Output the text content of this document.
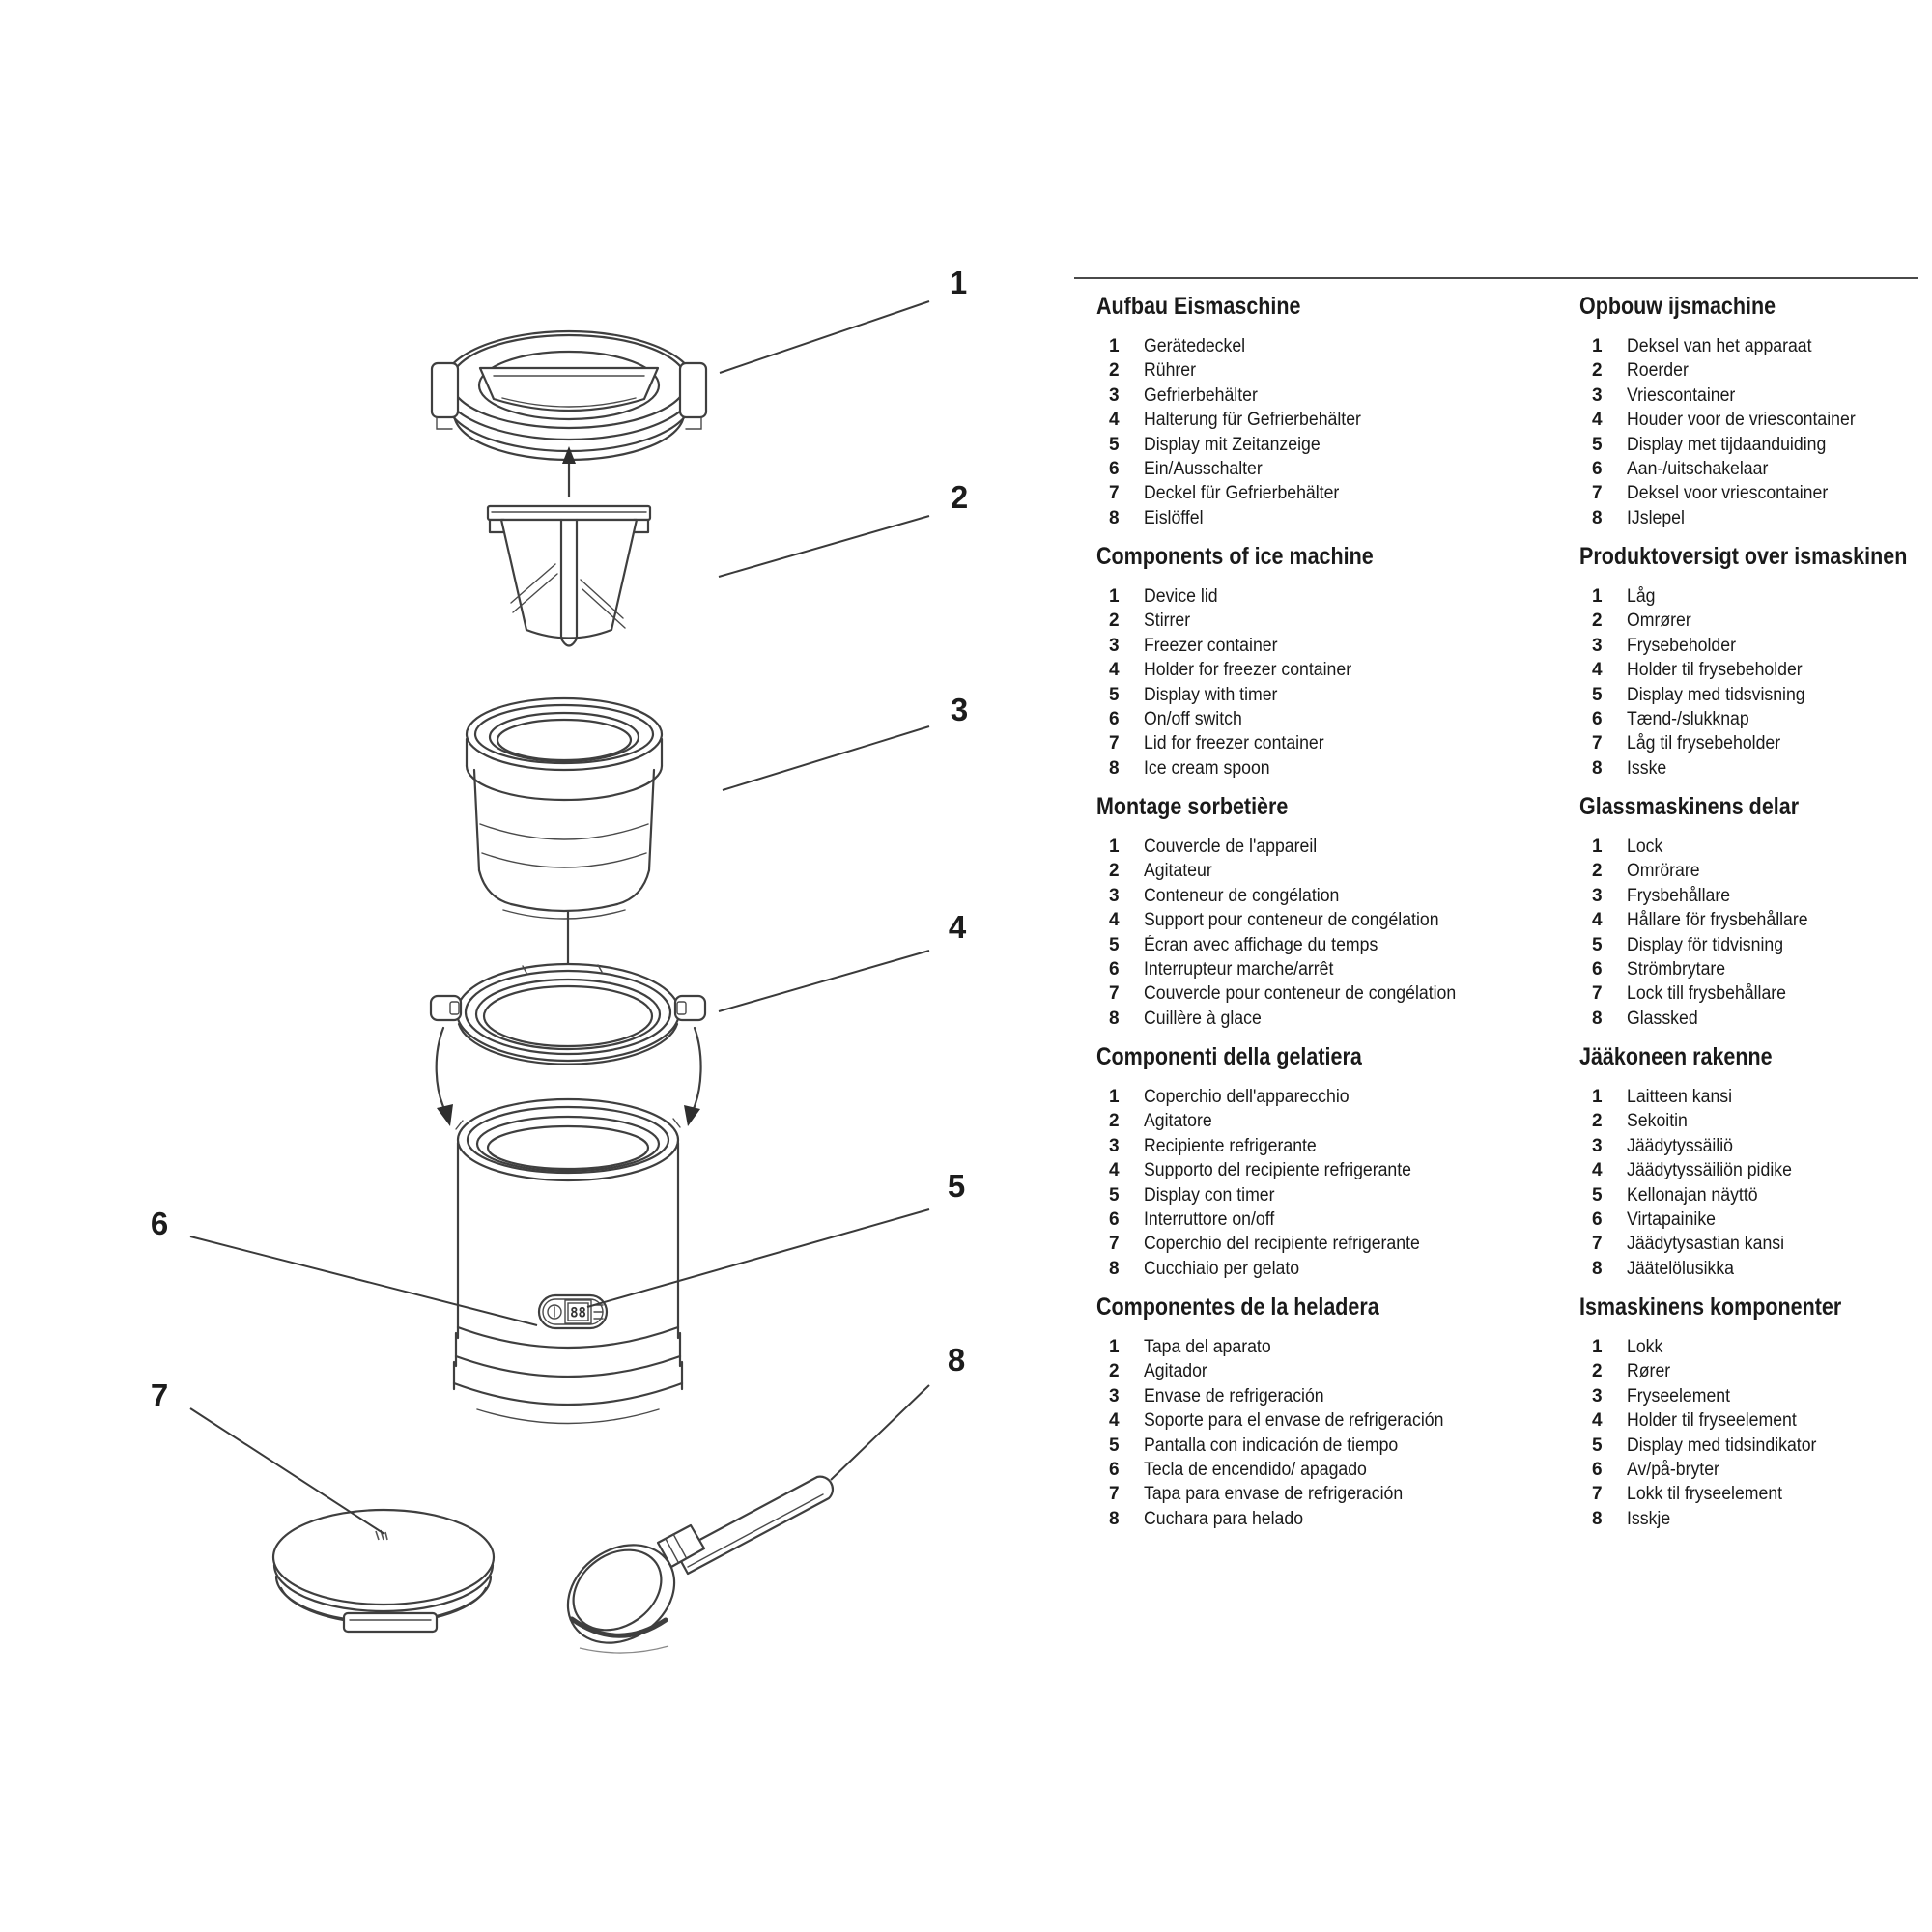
Aufbau Eismaschine
1	Gerätedeckel
2	Rührer
3	Gefrierbehälter
4	Halterung für Gefrierbehälter
5	Display mit Zeitanzeige
6	Ein/Ausschalter
7	Deckel für Gefrierbehälter
8	Eislöffel
Components of ice machine
1	Device lid
2	Stirrer
3	Freezer container
4	Holder for freezer container
5	Display with timer
6	On/off switch
7	Lid for freezer container
8	Ice cream spoon
Montage sorbetière
1	Couvercle de l'appareil
2	Agitateur
3	Conteneur de congélation
4	Support pour conteneur de congélation
5	Écran avec affichage du temps
6	Interrupteur marche/arrêt
7	Couvercle pour conteneur de congélation
8	Cuillère à glace
Componenti della gelatiera
1	Coperchio dell'apparecchio
2	Agitatore
3	Recipiente refrigerante
4	Supporto del recipiente refrigerante
5	Display con timer
6	Interruttore on/off
7	Coperchio del recipiente refrigerante
8	Cucchiaio per gelato
Componentes de la heladera
1	Tapa del aparato
2	Agitador
3	Envase de refrigeración
4	Soporte para el envase de refrigeración
5	Pantalla con indicación de tiempo
6	Tecla de encendido/ apagado
7	Tapa para envase de refrigeración
8	Cuchara para helado
Opbouw ijsmachine
1	Deksel van het apparaat
2	Roerder
3	Vriescontainer
4	Houder voor de vriescontainer
5	Display met tijdaanduiding
6	Aan-/uitschakelaar
7	Deksel voor vriescontainer
8	IJslepel
Produktoversigt over ismaskinen
1	Låg
2	Omrører
3	Frysebeholder
4	Holder til frysebeholder
5	Display med tidsvisning
6	Tænd-/slukknap
7	Låg til frysebeholder
8	Isske
Glassmaskinens delar
1	Lock
2	Omrörare
3	Frysbehållare
4	Hållare för frysbehållare
5	Display för tidvisning
6	Strömbrytare
7	Lock till frysbehållare
8	Glassked
Jääkoneen rakenne
1	Laitteen kansi
2	Sekoitin
3	Jäädytyssäiliö
4	Jäädytyssäiliön pidike
5	Kellonajan näyttö
6	Virtapainike
7	Jäädytysastian kansi
8	Jäätelölusikka
Ismaskinens komponenter
1	Lokk
2	Rører
3	Fryseelement
4	Holder til fryseelement
5	Display med tidsindikator
6	Av/på-bryter
7	Lokk til fryseelement
8	Isskje
88
1
2
3
4
5
6
7
8
